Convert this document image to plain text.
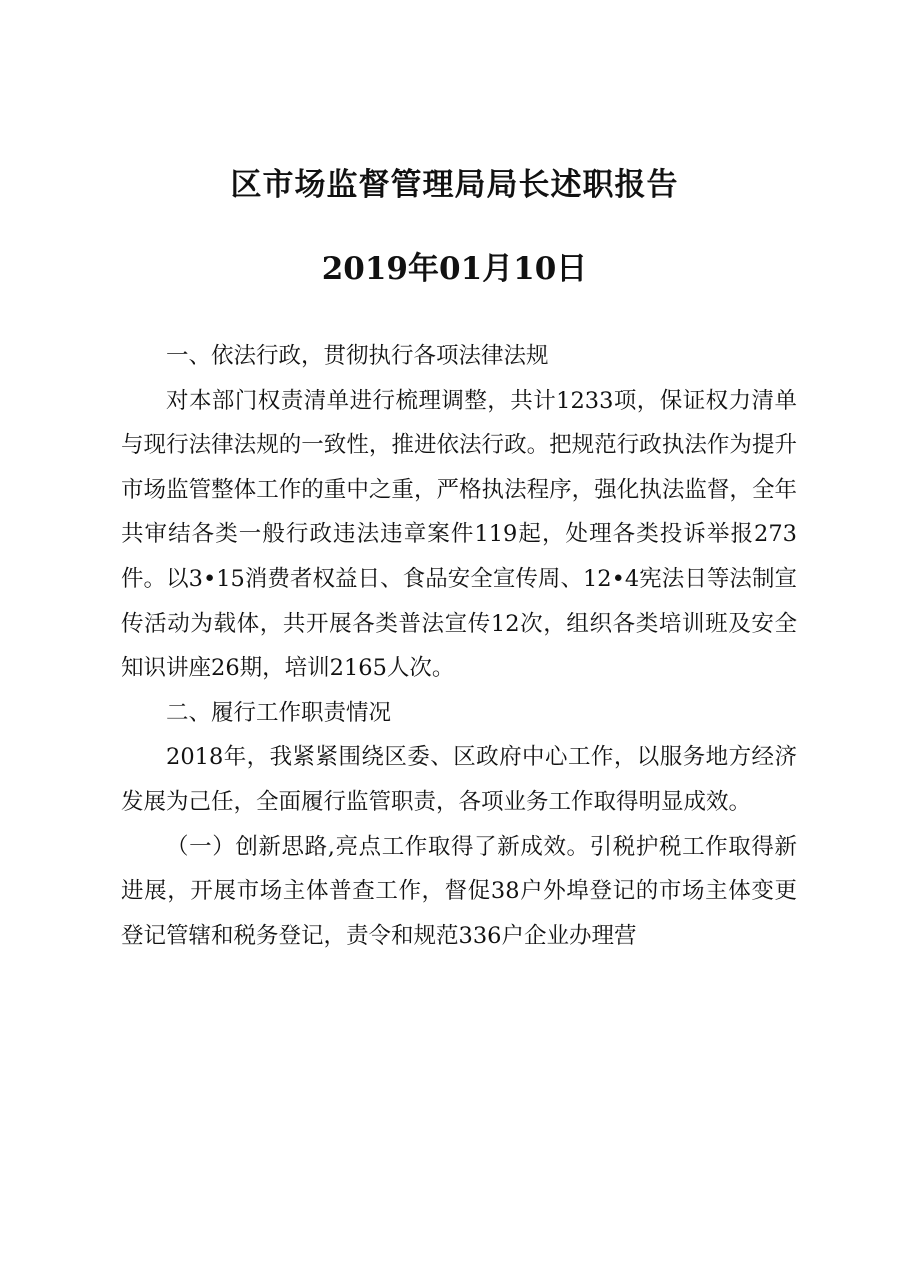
区市场监督管理局局长述职报告
2019年01月10日

一、依法行政，贯彻执行各项法律法规

对本部门权责清单进行梳理调整，共计1233项，保证权力清单与现行法律法规的一致性，推进依法行政。把规范行政执法作为提升市场监管整体工作的重中之重，严格执法程序，强化执法监督，全年共审结各类一般行政违法违章案件119起，处理各类投诉举报273件。以3•15消费者权益日、食品安全宣传周、12•4宪法日等法制宣传活动为载体，共开展各类普法宣传12次，组织各类培训班及安全知识讲座26期，培训2165人次。

二、履行工作职责情况

2018年，我紧紧围绕区委、区政府中心工作，以服务地方经济发展为己任，全面履行监管职责，各项业务工作取得明显成效。

（一）创新思路,亮点工作取得了新成效。引税护税工作取得新进展，开展市场主体普查工作，督促38户外埠登记的市场主体变更登记管辖和税务登记，责令和规范336户企业办理营
